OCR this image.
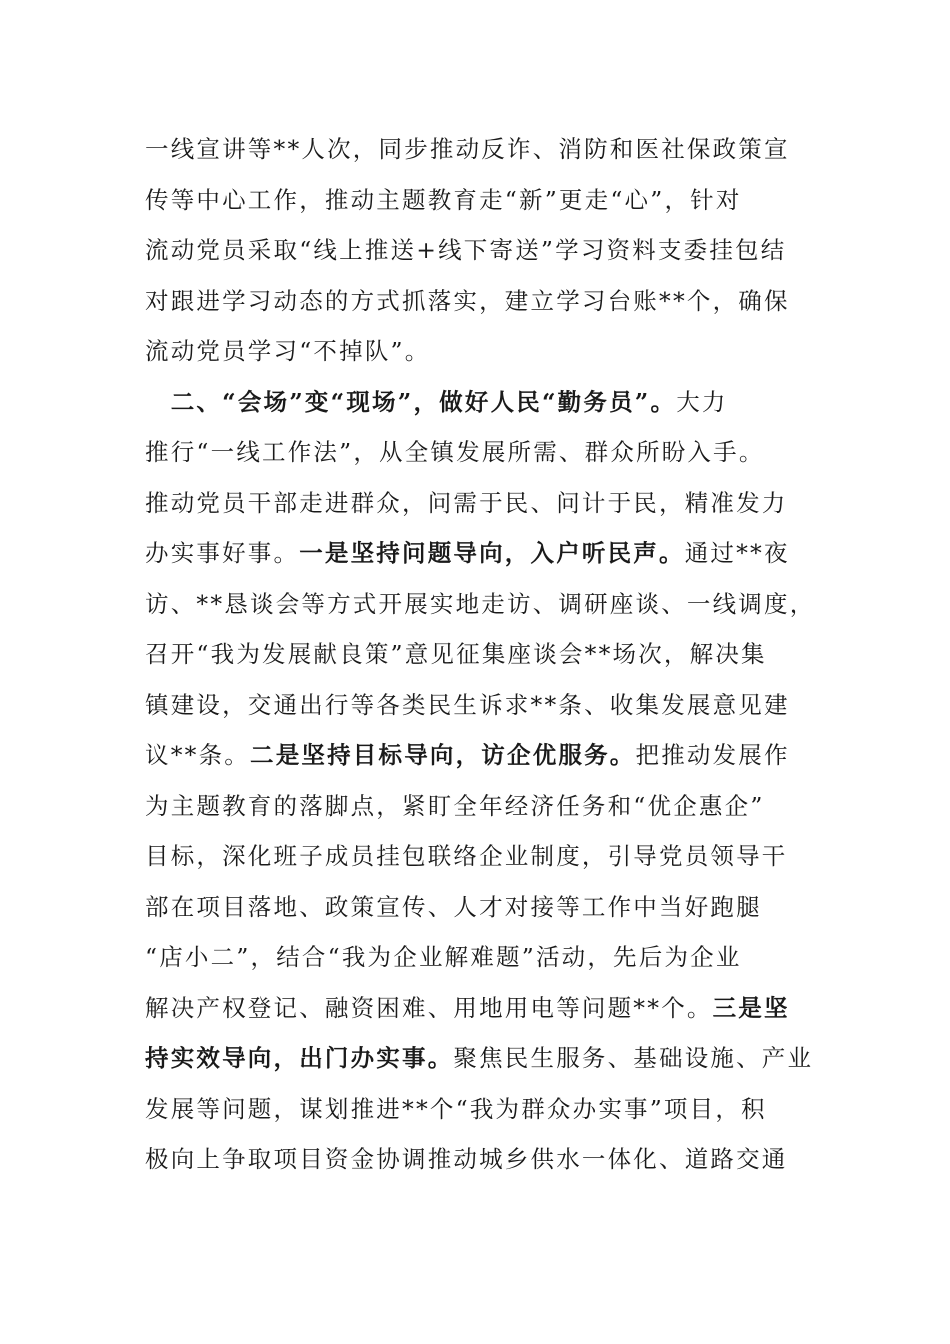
一线宣讲等**人次，同步推动反诈、消防和医社保政策宣
传等中心工作，推动主题教育走“新”更走“心”，针对
流动党员采取“线上推送+线下寄送”学习资料支委挂包结
对跟进学习动态的方式抓落实，建立学习台账**个，确保
流动党员学习“不掉队”。
　二、“会场”变“现场”，做好人民“勤务员”。大力
推行“一线工作法”，从全镇发展所需、群众所盼入手。
推动党员干部走进群众，问需于民、问计于民，精准发力
办实事好事。一是坚持问题导向，入户听民声。通过**夜
访、**恳谈会等方式开展实地走访、调研座谈、一线调度，
召开“我为发展献良策”意见征集座谈会**场次，解决集
镇建设，交通出行等各类民生诉求**条、收集发展意见建
议**条。二是坚持目标导向，访企优服务。把推动发展作
为主题教育的落脚点，紧盯全年经济任务和“优企惠企”
目标，深化班子成员挂包联络企业制度，引导党员领导干
部在项目落地、政策宣传、人才对接等工作中当好跑腿
“店小二”，结合“我为企业解难题”活动，先后为企业
解决产权登记、融资困难、用地用电等问题**个。三是坚
持实效导向，出门办实事。聚焦民生服务、基础设施、产业
发展等问题，谋划推进**个“我为群众办实事”项目，积
极向上争取项目资金协调推动城乡供水一体化、道路交通
